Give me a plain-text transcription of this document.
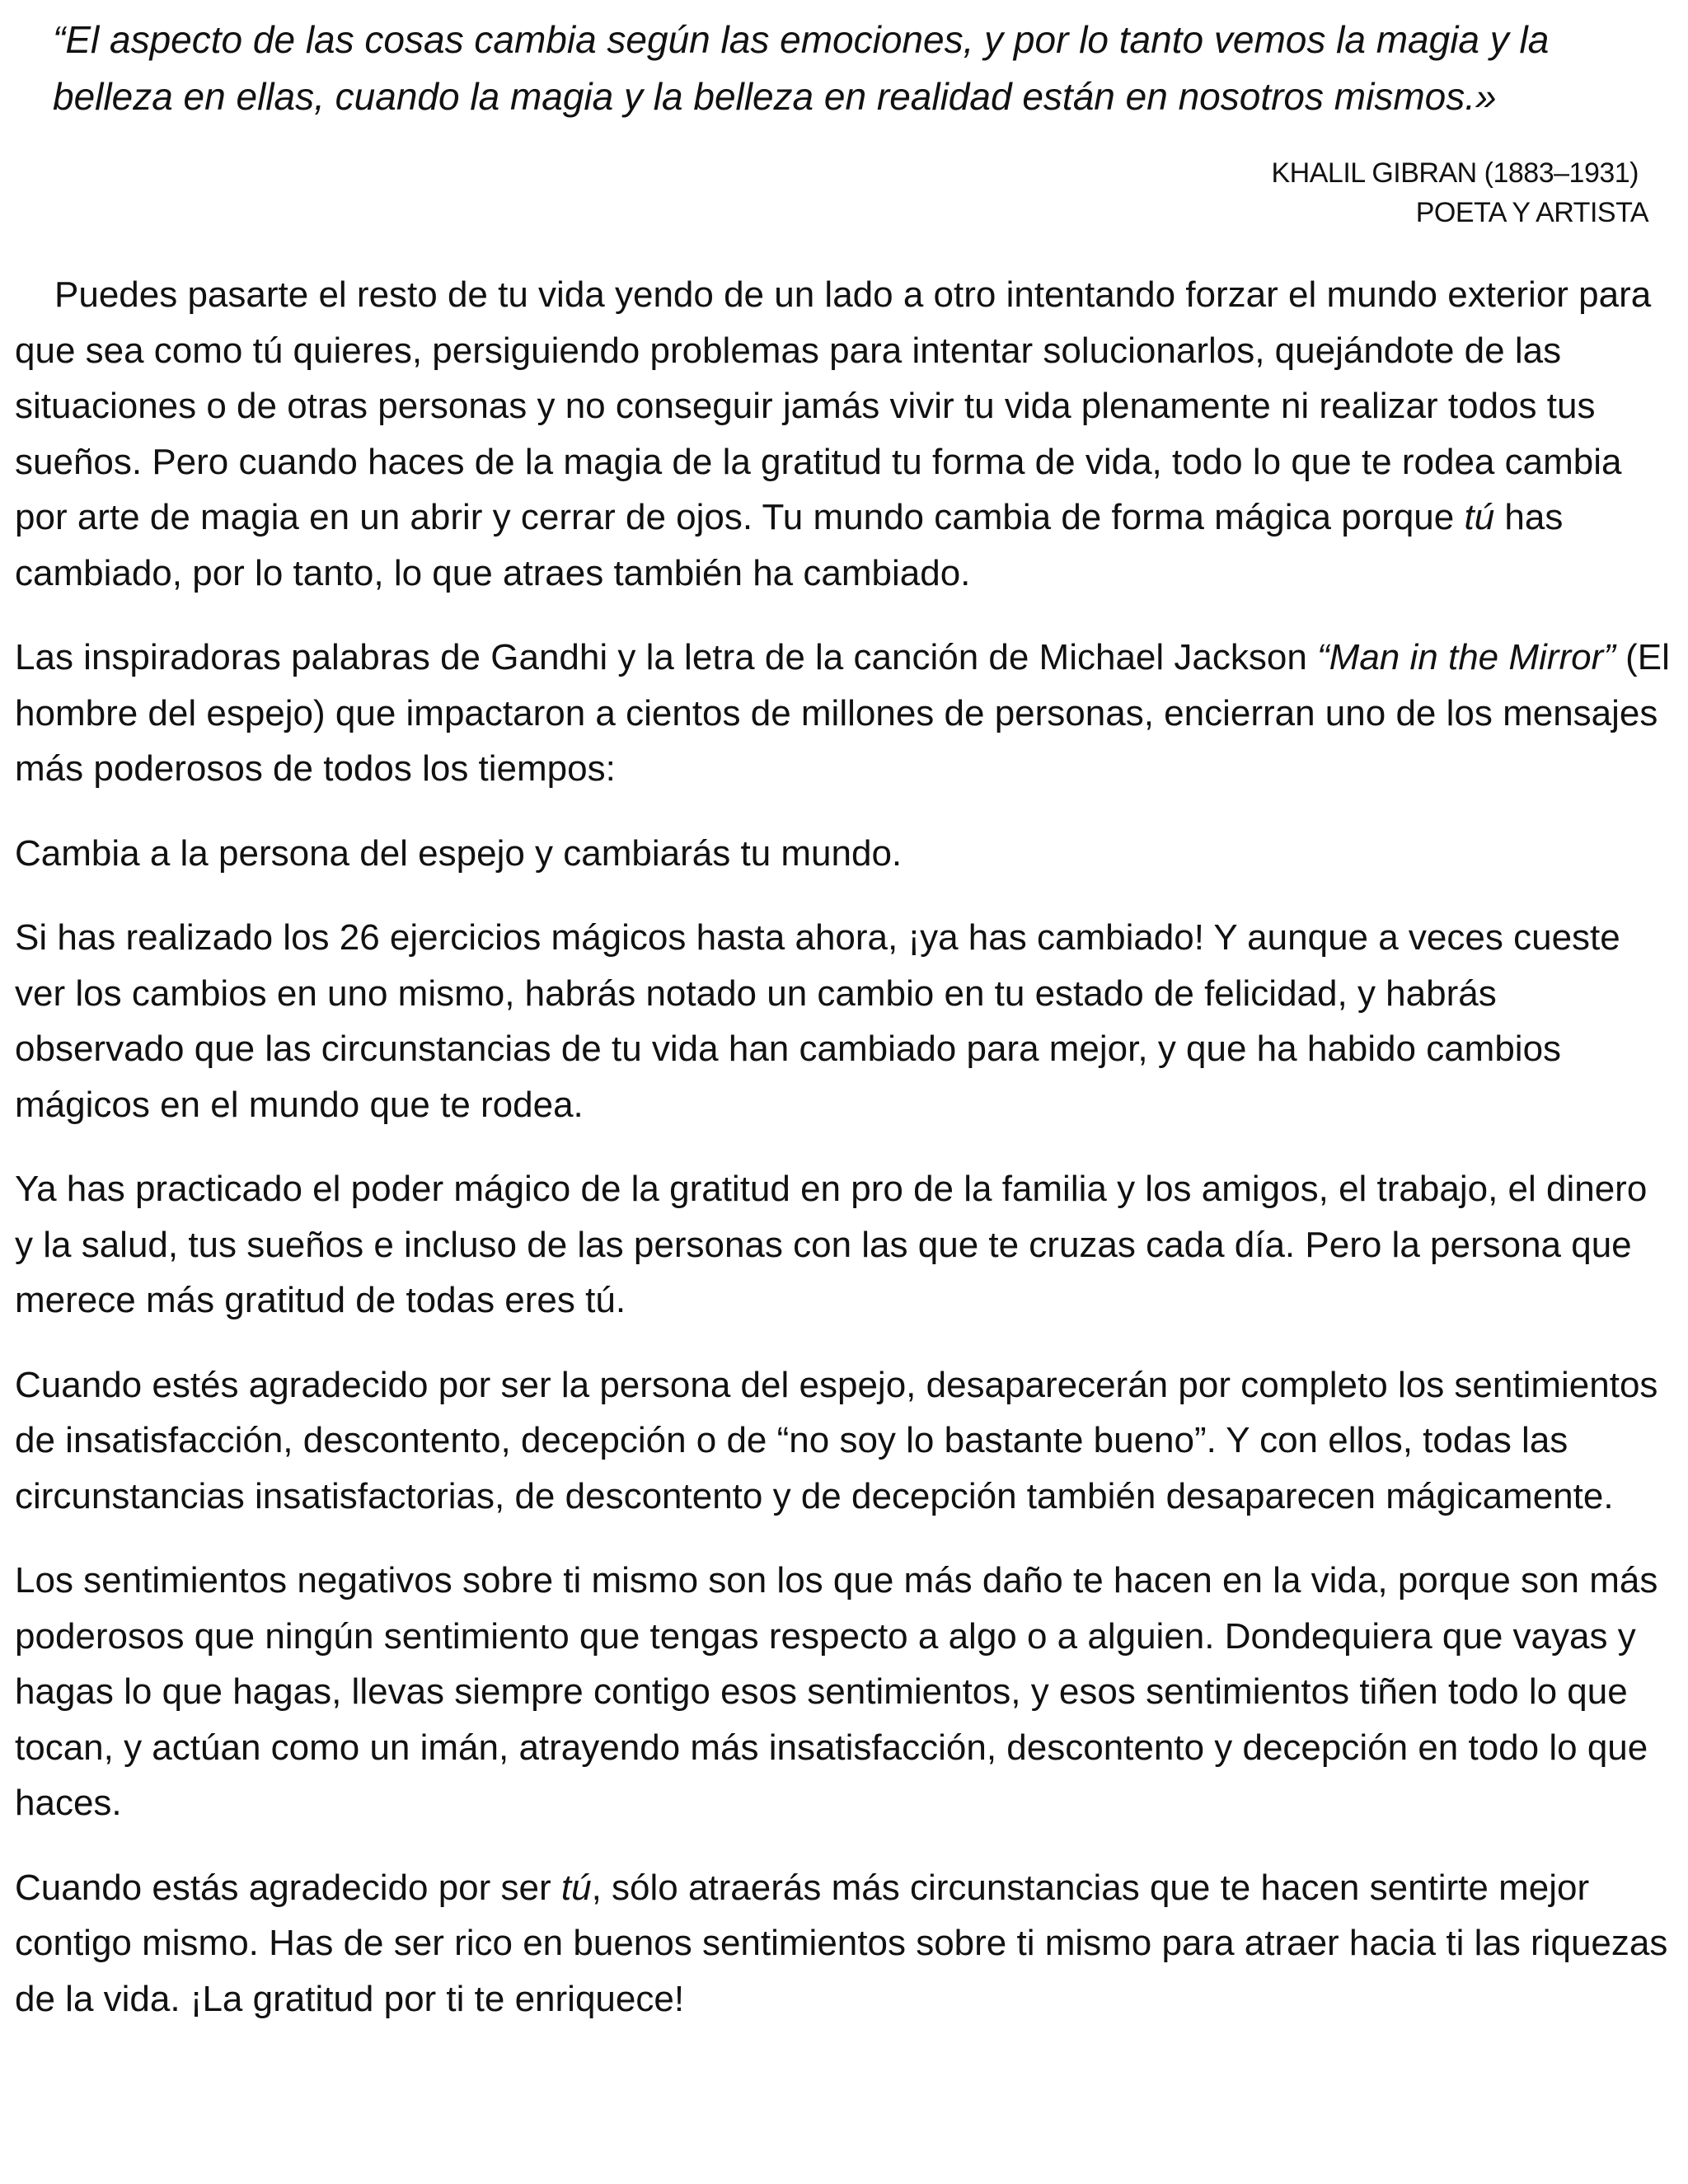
“El aspecto de las cosas cambia según las emociones, y por lo tanto vemos la magia y la belleza en ellas, cuando la magia y la belleza en realidad están en nosotros mismos.»

KHALIL GIBRAN (1883–1931)
POETA Y ARTISTA

Puedes pasarte el resto de tu vida yendo de un lado a otro intentando forzar el mundo exterior para que sea como tú quieres, persiguiendo problemas para intentar solucionarlos, quejándote de las situaciones o de otras personas y no conseguir jamás vivir tu vida plenamente ni realizar todos tus sueños. Pero cuando haces de la magia de la gratitud tu forma de vida, todo lo que te rodea cambia por arte de magia en un abrir y cerrar de ojos. Tu mundo cambia de forma mágica porque tú has cambiado, por lo tanto, lo que atraes también ha cambiado.

Las inspiradoras palabras de Gandhi y la letra de la canción de Michael Jackson “Man in the Mirror” (El hombre del espejo) que impactaron a cientos de millones de personas, encierran uno de los mensajes más poderosos de todos los tiempos:

Cambia a la persona del espejo y cambiarás tu mundo.

Si has realizado los 26 ejercicios mágicos hasta ahora, ¡ya has cambiado! Y aunque a veces cueste ver los cambios en uno mismo, habrás notado un cambio en tu estado de felicidad, y habrás observado que las circunstancias de tu vida han cambiado para mejor, y que ha habido cambios mágicos en el mundo que te rodea.

Ya has practicado el poder mágico de la gratitud en pro de la familia y los amigos, el trabajo, el dinero y la salud, tus sueños e incluso de las personas con las que te cruzas cada día. Pero la persona que merece más gratitud de todas eres tú.

Cuando estés agradecido por ser la persona del espejo, desaparecerán por completo los sentimientos de insatisfacción, descontento, decepción o de “no soy lo bastante bueno”. Y con ellos, todas las circunstancias insatisfactorias, de descontento y de decepción también desaparecen mágicamente.

Los sentimientos negativos sobre ti mismo son los que más daño te hacen en la vida, porque son más poderosos que ningún sentimiento que tengas respecto a algo o a alguien. Dondequiera que vayas y hagas lo que hagas, llevas siempre contigo esos sentimientos, y esos sentimientos tiñen todo lo que tocan, y actúan como un imán, atrayendo más insatisfacción, descontento y decepción en todo lo que haces.

Cuando estás agradecido por ser tú, sólo atraerás más circunstancias que te hacen sentirte mejor contigo mismo. Has de ser rico en buenos sentimientos sobre ti mismo para atraer hacia ti las riquezas de la vida. ¡La gratitud por ti te enriquece!
